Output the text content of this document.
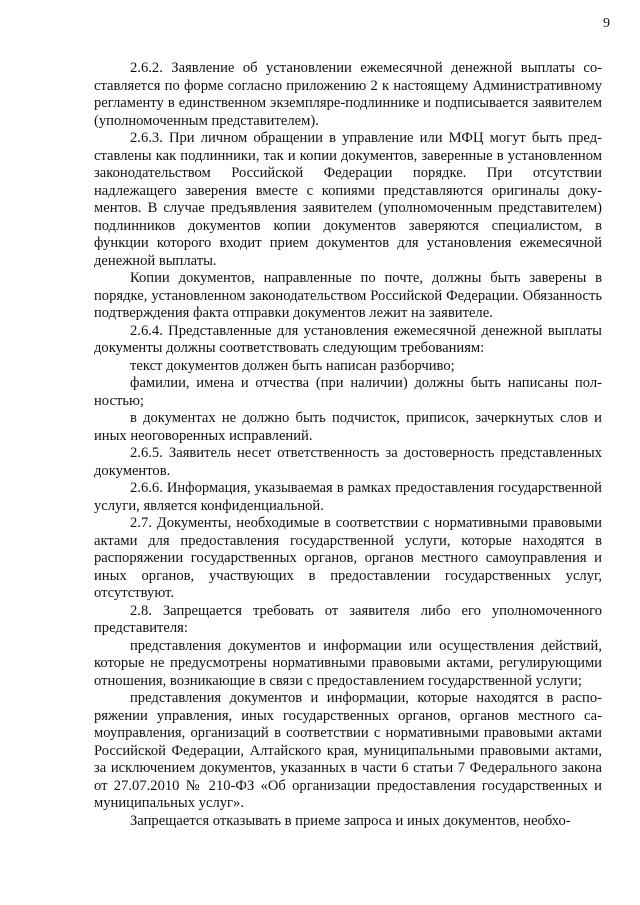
9

2.6.2. Заявление об установлении ежемесячной денежной выплаты составляется по форме согласно приложению 2 к настоящему Административному регламенту в единственном экземпляре-подлиннике и подписывается заявителем (уполномоченным представителем).

2.6.3. При личном обращении в управление или МФЦ могут быть представлены как подлинники, так и копии документов, заверенные в установленном законодательством Российской Федерации порядке. При отсутствии надлежащего заверения вместе с копиями представляются оригиналы документов. В случае предъявления заявителем (уполномоченным представителем) подлинников документов копии документов заверяются специалистом, в функции которого входит прием документов для установления ежемесячной денежной выплаты.

Копии документов, направленные по почте, должны быть заверены в порядке, установленном законодательством Российской Федерации. Обязанность подтверждения факта отправки документов лежит на заявителе.

2.6.4. Представленные для установления ежемесячной денежной выплаты документы должны соответствовать следующим требованиям:

текст документов должен быть написан разборчиво;

фамилии, имена и отчества (при наличии) должны быть написаны полностью;

в документах не должно быть подчисток, приписок, зачеркнутых слов и иных неоговоренных исправлений.

2.6.5. Заявитель несет ответственность за достоверность представленных документов.

2.6.6. Информация, указываемая в рамках предоставления государственной услуги, является конфиденциальной.

2.7. Документы, необходимые в соответствии с нормативными правовыми актами для предоставления государственной услуги, которые находятся в распоряжении государственных органов, органов местного самоуправления и иных органов, участвующих в предоставлении государственных услуг, отсутствуют.

2.8. Запрещается требовать от заявителя либо его уполномоченного представителя:

представления документов и информации или осуществления действий, которые не предусмотрены нормативными правовыми актами, регулирующими отношения, возникающие в связи с предоставлением государственной услуги;

представления документов и информации, которые находятся в распоряжении управления, иных государственных органов, органов местного самоуправления, организаций в соответствии с нормативными правовыми актами Российской Федерации, Алтайского края, муниципальными правовыми актами, за исключением документов, указанных в части 6 статьи 7 Федерального закона от 27.07.2010 № 210-ФЗ «Об организации предоставления государственных и муниципальных услуг».

Запрещается отказывать в приеме запроса и иных документов, необхо-
